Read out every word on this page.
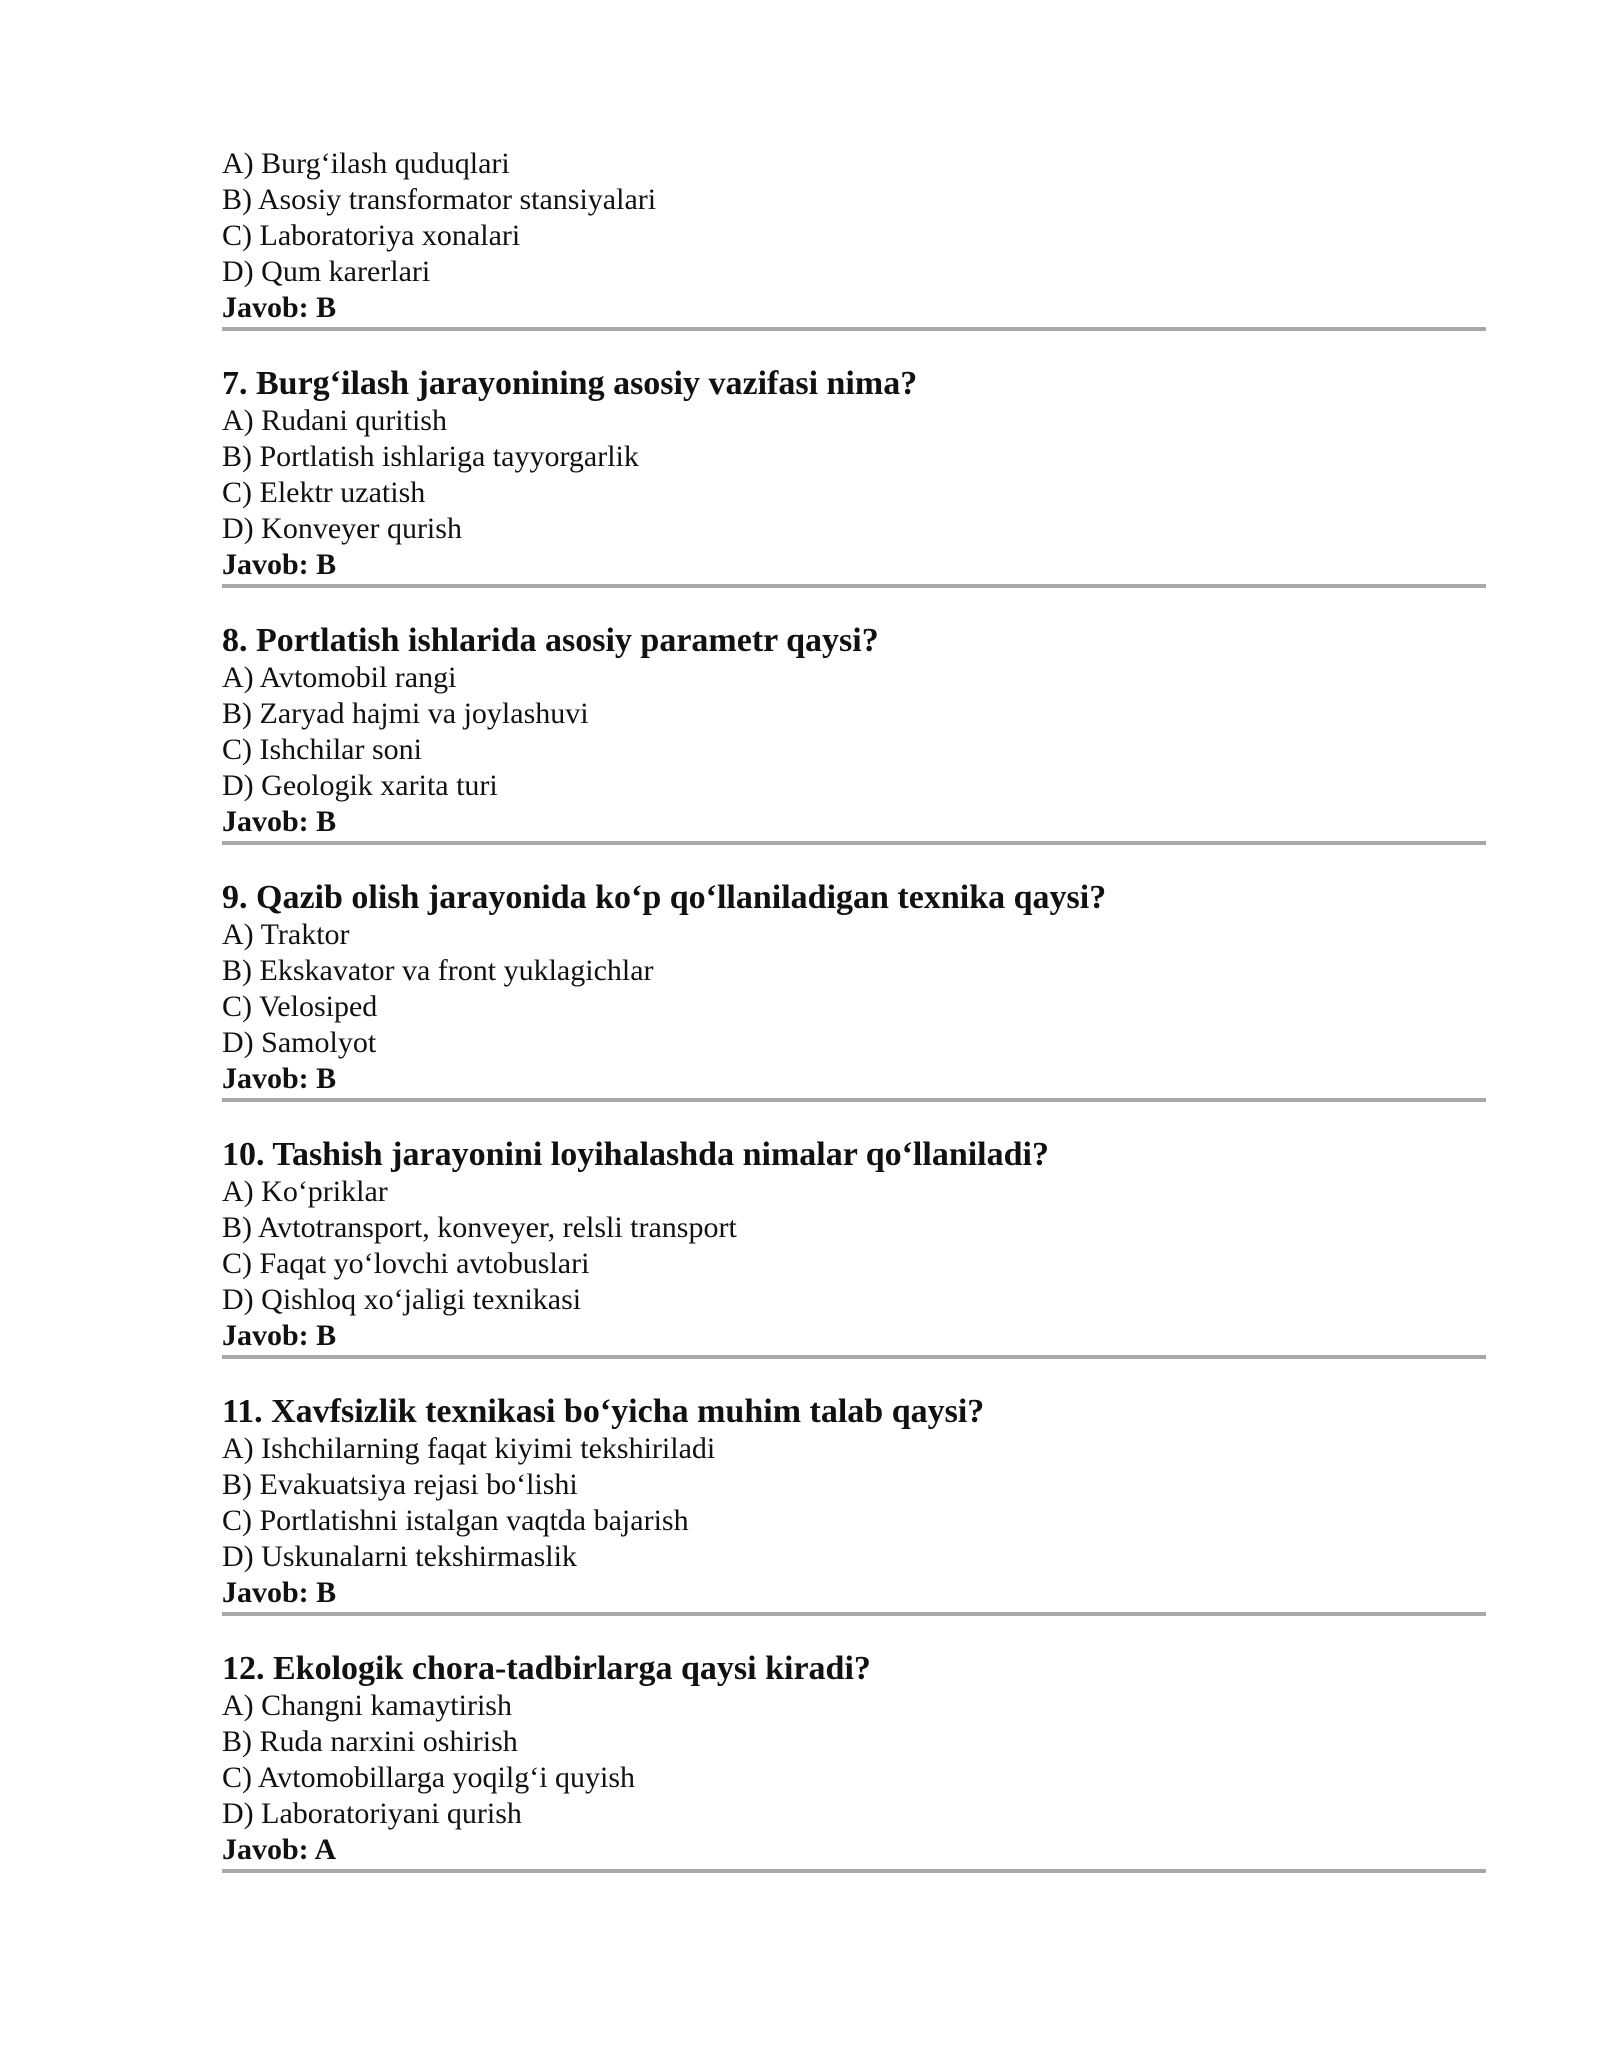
A) Burg‘ilash quduqlari
B) Asosiy transformator stansiyalari
C) Laboratoriya xonalari
D) Qum karerlari
Javob: B
7. Burg‘ilash jarayonining asosiy vazifasi nima?
A) Rudani quritish
B) Portlatish ishlariga tayyorgarlik
C) Elektr uzatish
D) Konveyer qurish
Javob: B
8. Portlatish ishlarida asosiy parametr qaysi?
A) Avtomobil rangi
B) Zaryad hajmi va joylashuvi
C) Ishchilar soni
D) Geologik xarita turi
Javob: B
9. Qazib olish jarayonida ko‘p qo‘llaniladigan texnika qaysi?
A) Traktor
B) Ekskavator va front yuklagichlar
C) Velosiped
D) Samolyot
Javob: B
10. Tashish jarayonini loyihalashda nimalar qo‘llaniladi?
A) Ko‘priklar
B) Avtotransport, konveyer, relsli transport
C) Faqat yo‘lovchi avtobuslari
D) Qishloq xo‘jaligi texnikasi
Javob: B
11. Xavfsizlik texnikasi bo‘yicha muhim talab qaysi?
A) Ishchilarning faqat kiyimi tekshiriladi
B) Evakuatsiya rejasi bo‘lishi
C) Portlatishni istalgan vaqtda bajarish
D) Uskunalarni tekshirmaslik
Javob: B
12. Ekologik chora-tadbirlarga qaysi kiradi?
A) Changni kamaytirish
B) Ruda narxini oshirish
C) Avtomobillarga yoqilg‘i quyish
D) Laboratoriyani qurish
Javob: A
